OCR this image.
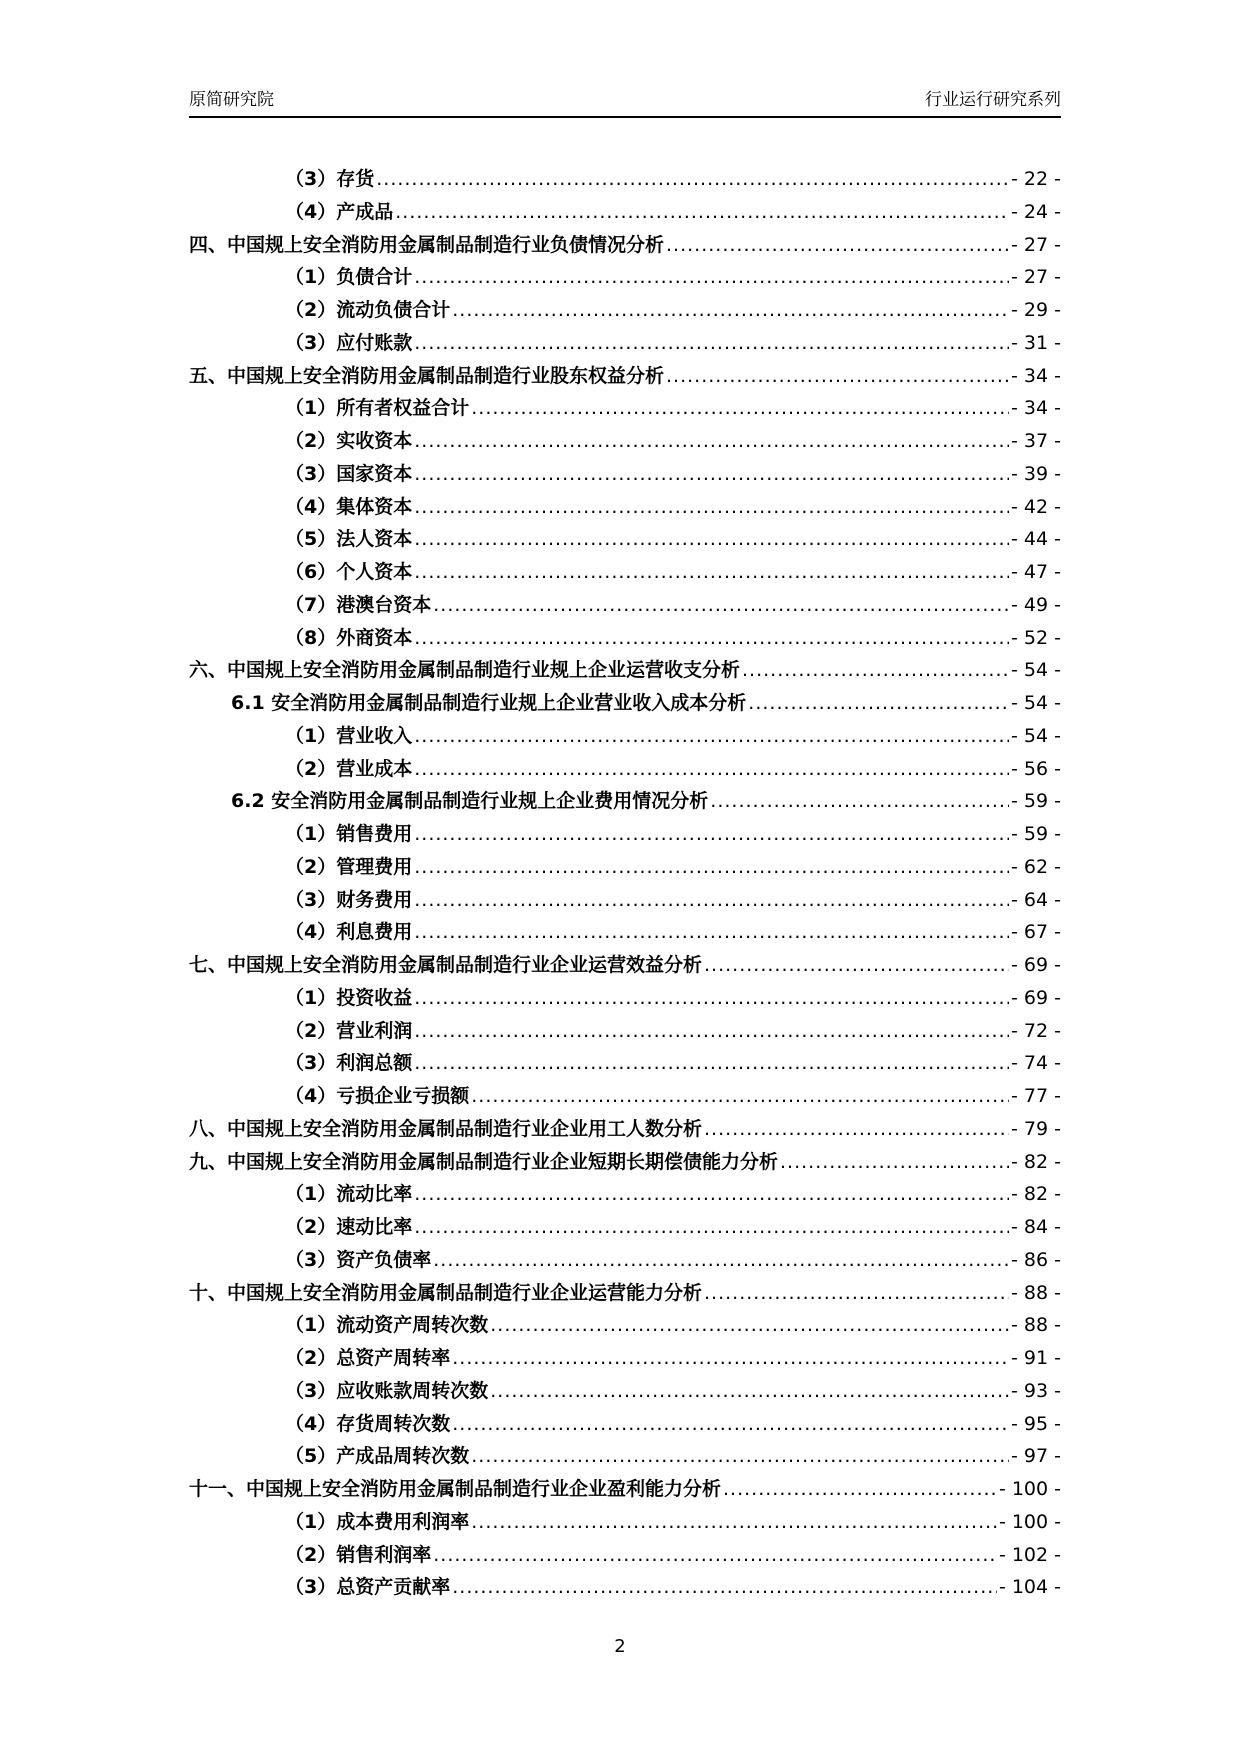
原简研究院	行业运行研究系列
（3）存货 .....	- 22 -
（4）产成品 .....	- 24 -
四、中国规上安全消防用金属制品制造行业负债情况分析 .....	- 27 -
（1）负债合计 .....	- 27 -
（2）流动负债合计 .....	- 29 -
（3）应付账款 .....	- 31 -
五、中国规上安全消防用金属制品制造行业股东权益分析 .....	- 34 -
（1）所有者权益合计 .....	- 34 -
（2）实收资本 .....	- 37 -
（3）国家资本 .....	- 39 -
（4）集体资本 .....	- 42 -
（5）法人资本 .....	- 44 -
（6）个人资本 .....	- 47 -
（7）港澳台资本 .....	- 49 -
（8）外商资本 .....	- 52 -
六、中国规上安全消防用金属制品制造行业规上企业运营收支分析 .....	- 54 -
6.1 安全消防用金属制品制造行业规上企业营业收入成本分析 .....	- 54 -
（1）营业收入 .....	- 54 -
（2）营业成本 .....	- 56 -
6.2 安全消防用金属制品制造行业规上企业费用情况分析 .....	- 59 -
（1）销售费用 .....	- 59 -
（2）管理费用 .....	- 62 -
（3）财务费用 .....	- 64 -
（4）利息费用 .....	- 67 -
七、中国规上安全消防用金属制品制造行业企业运营效益分析 .....	- 69 -
（1）投资收益 .....	- 69 -
（2）营业利润 .....	- 72 -
（3）利润总额 .....	- 74 -
（4）亏损企业亏损额 .....	- 77 -
八、中国规上安全消防用金属制品制造行业企业用工人数分析 .....	- 79 -
九、中国规上安全消防用金属制品制造行业企业短期长期偿债能力分析 .....	- 82 -
（1）流动比率 .....	- 82 -
（2）速动比率 .....	- 84 -
（3）资产负债率 .....	- 86 -
十、中国规上安全消防用金属制品制造行业企业运营能力分析 .....	- 88 -
（1）流动资产周转次数 .....	- 88 -
（2）总资产周转率 .....	- 91 -
（3）应收账款周转次数 .....	- 93 -
（4）存货周转次数 .....	- 95 -
（5）产成品周转次数 .....	- 97 -
十一、中国规上安全消防用金属制品制造行业企业盈利能力分析 .....	- 100 -
（1）成本费用利润率 .....	- 100 -
（2）销售利润率 .....	- 102 -
（3）总资产贡献率 .....	- 104 -
2
